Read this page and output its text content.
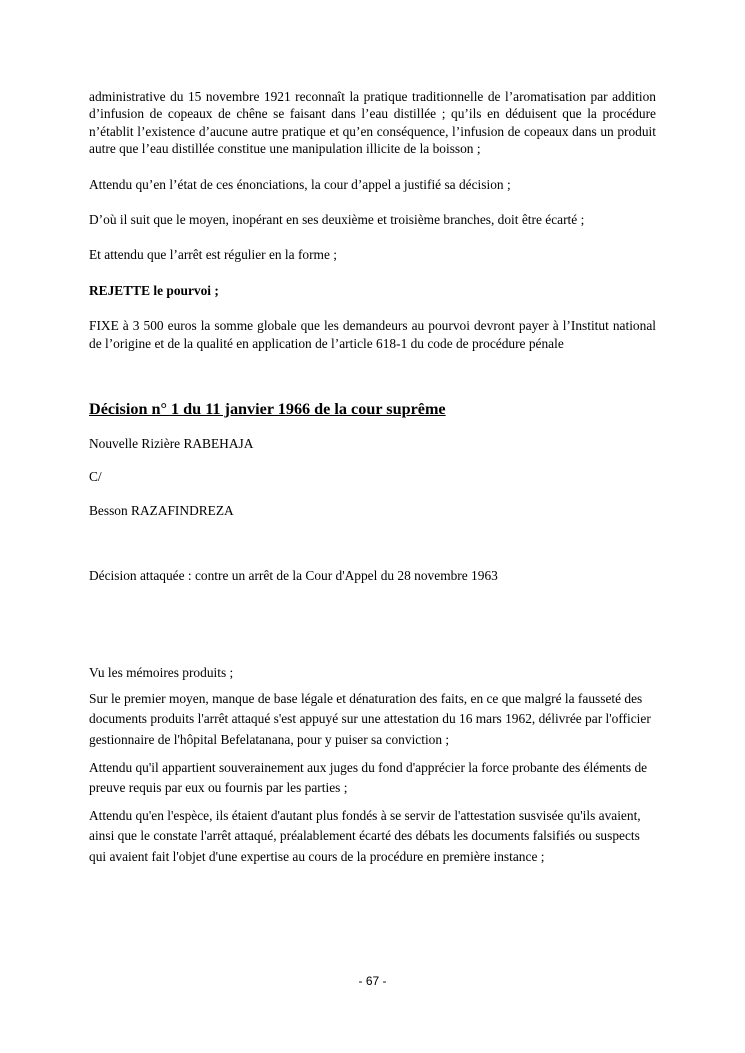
administrative du 15 novembre 1921 reconnaît la pratique traditionnelle de l’aromatisation par addition d’infusion de copeaux de chêne se faisant dans l’eau distillée ; qu’ils en déduisent que la procédure n’établit l’existence d’aucune autre pratique et qu’en conséquence, l’infusion de copeaux dans un produit autre que l’eau distillée constitue une manipulation illicite de la boisson ;

Attendu qu’en l’état de ces énonciations, la cour d’appel a justifié sa décision ;

D’où il suit que le moyen, inopérant en ses deuxième et troisième branches, doit être écarté ;

Et attendu que l’arrêt est régulier en la forme ;

REJETTE le pourvoi ;

FIXE à 3 500 euros la somme globale que les demandeurs au pourvoi devront payer à l’Institut national de l’origine et de la qualité en application de l’article 618-1 du code de procédure pénale

Décision n° 1 du 11 janvier 1966 de la cour suprême

Nouvelle Rizière RABEHAJA

C/

Besson RAZAFINDREZA

Décision attaquée : contre un arrêt de la Cour d'Appel du 28 novembre 1963

Vu les mémoires produits ;

Sur le premier moyen, manque de base légale et dénaturation des faits, en ce que malgré la fausseté des documents produits l'arrêt attaqué s'est appuyé sur une attestation du 16 mars 1962, délivrée par l'officier gestionnaire de l'hôpital Befelatanana, pour y puiser sa conviction ;

Attendu qu'il appartient souverainement aux juges du fond d'apprécier la force probante des éléments de preuve requis par eux ou fournis par les parties ;

Attendu qu'en l'espèce, ils étaient d'autant plus fondés à se servir de l'attestation susvisée qu'ils avaient, ainsi que le constate l'arrêt attaqué, préalablement écarté des débats les documents falsifiés ou suspects qui avaient fait l'objet d'une expertise au cours de la procédure en première instance ;

- 67 -
